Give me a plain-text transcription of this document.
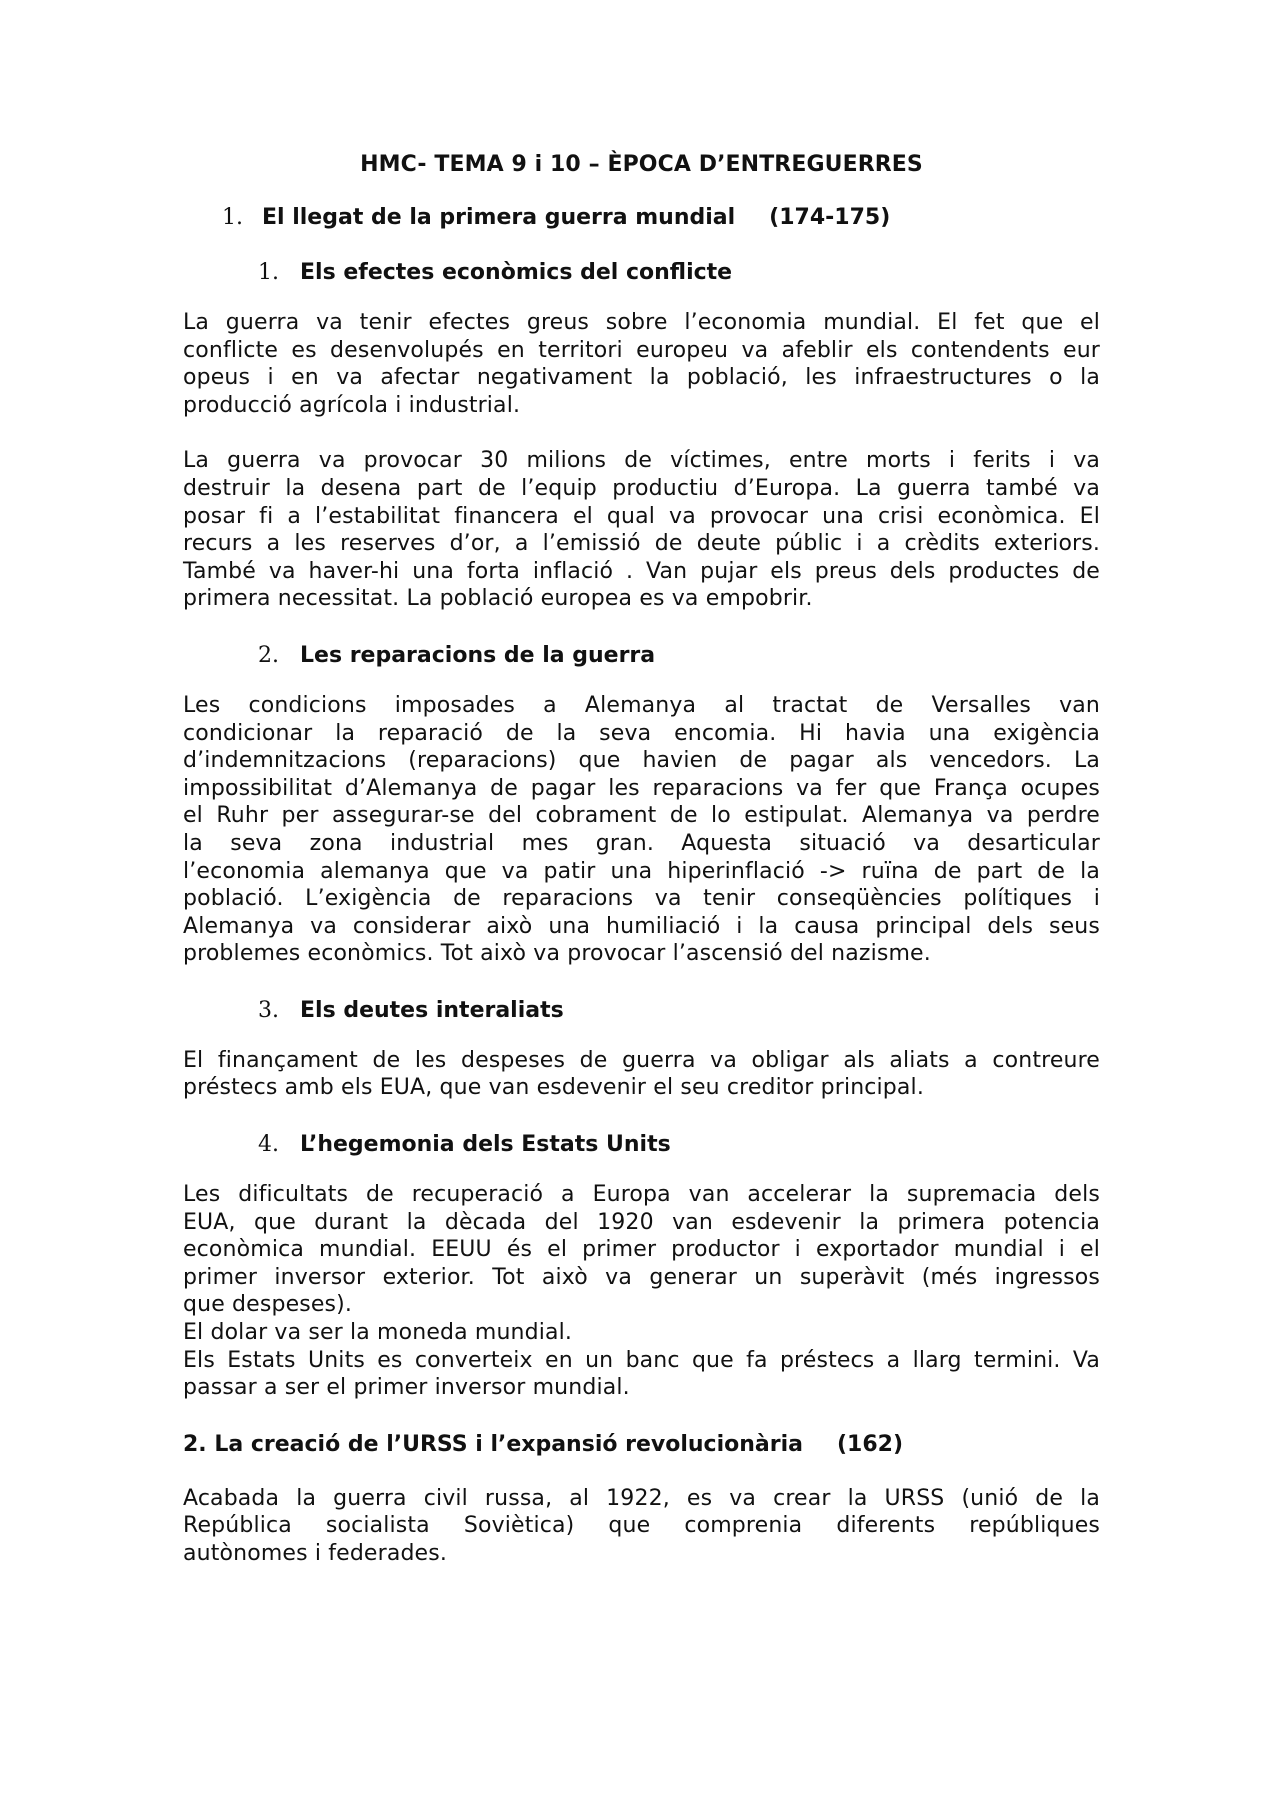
HMC- TEMA 9 i 10 – ÈPOCA D’ENTREGUERRES
1. El llegat de la primera guerra mundial (174-175)
1. Els efectes econòmics del conflicte
La guerra va tenir efectes greus sobre l’economia mundial. El fet que el
conflicte es desenvolupés en territori europeu va afeblir els contendents eur
opeus i en va afectar negativament la població, les infraestructures o la
producció agrícola i industrial.
La guerra va provocar 30 milions de víctimes, entre morts i ferits i va
destruir la desena part de l’equip productiu d’Europa. La guerra també va
posar fi a l’estabilitat financera el qual va provocar una crisi econòmica. El
recurs a les reserves d’or, a l’emissió de deute públic i a crèdits exteriors.
També va haver-hi una forta inflació . Van pujar els preus dels productes de
primera necessitat. La població europea es va empobrir.
2. Les reparacions de la guerra
Les condicions imposades a Alemanya al tractat de Versalles van
condicionar la reparació de la seva encomia. Hi havia una exigència
d’indemnitzacions (reparacions) que havien de pagar als vencedors. La
impossibilitat d’Alemanya de pagar les reparacions va fer que França ocupes
el Ruhr per assegurar-se del cobrament de lo estipulat. Alemanya va perdre
la seva zona industrial mes gran. Aquesta situació va desarticular
l’economia alemanya que va patir una hiperinflació -> ruïna de part de la
població. L’exigència de reparacions va tenir conseqüències polítiques i
Alemanya va considerar això una humiliació i la causa principal dels seus
problemes econòmics. Tot això va provocar l’ascensió del nazisme.
3. Els deutes interaliats
El finançament de les despeses de guerra va obligar als aliats a contreure
préstecs amb els EUA, que van esdevenir el seu creditor principal.
4. L’hegemonia dels Estats Units
Les dificultats de recuperació a Europa van accelerar la supremacia dels
EUA, que durant la dècada del 1920 van esdevenir la primera potencia
econòmica mundial. EEUU és el primer productor i exportador mundial i el
primer inversor exterior. Tot això va generar un superàvit (més ingressos
que despeses).
El dolar va ser la moneda mundial.
Els Estats Units es converteix en un banc que fa préstecs a llarg termini. Va
passar a ser el primer inversor mundial.
2. La creació de l’URSS i l’expansió revolucionària (162)
Acabada la guerra civil russa, al 1922, es va crear la URSS (unió de la
República socialista Soviètica) que comprenia diferents repúbliques
autònomes i federades.
